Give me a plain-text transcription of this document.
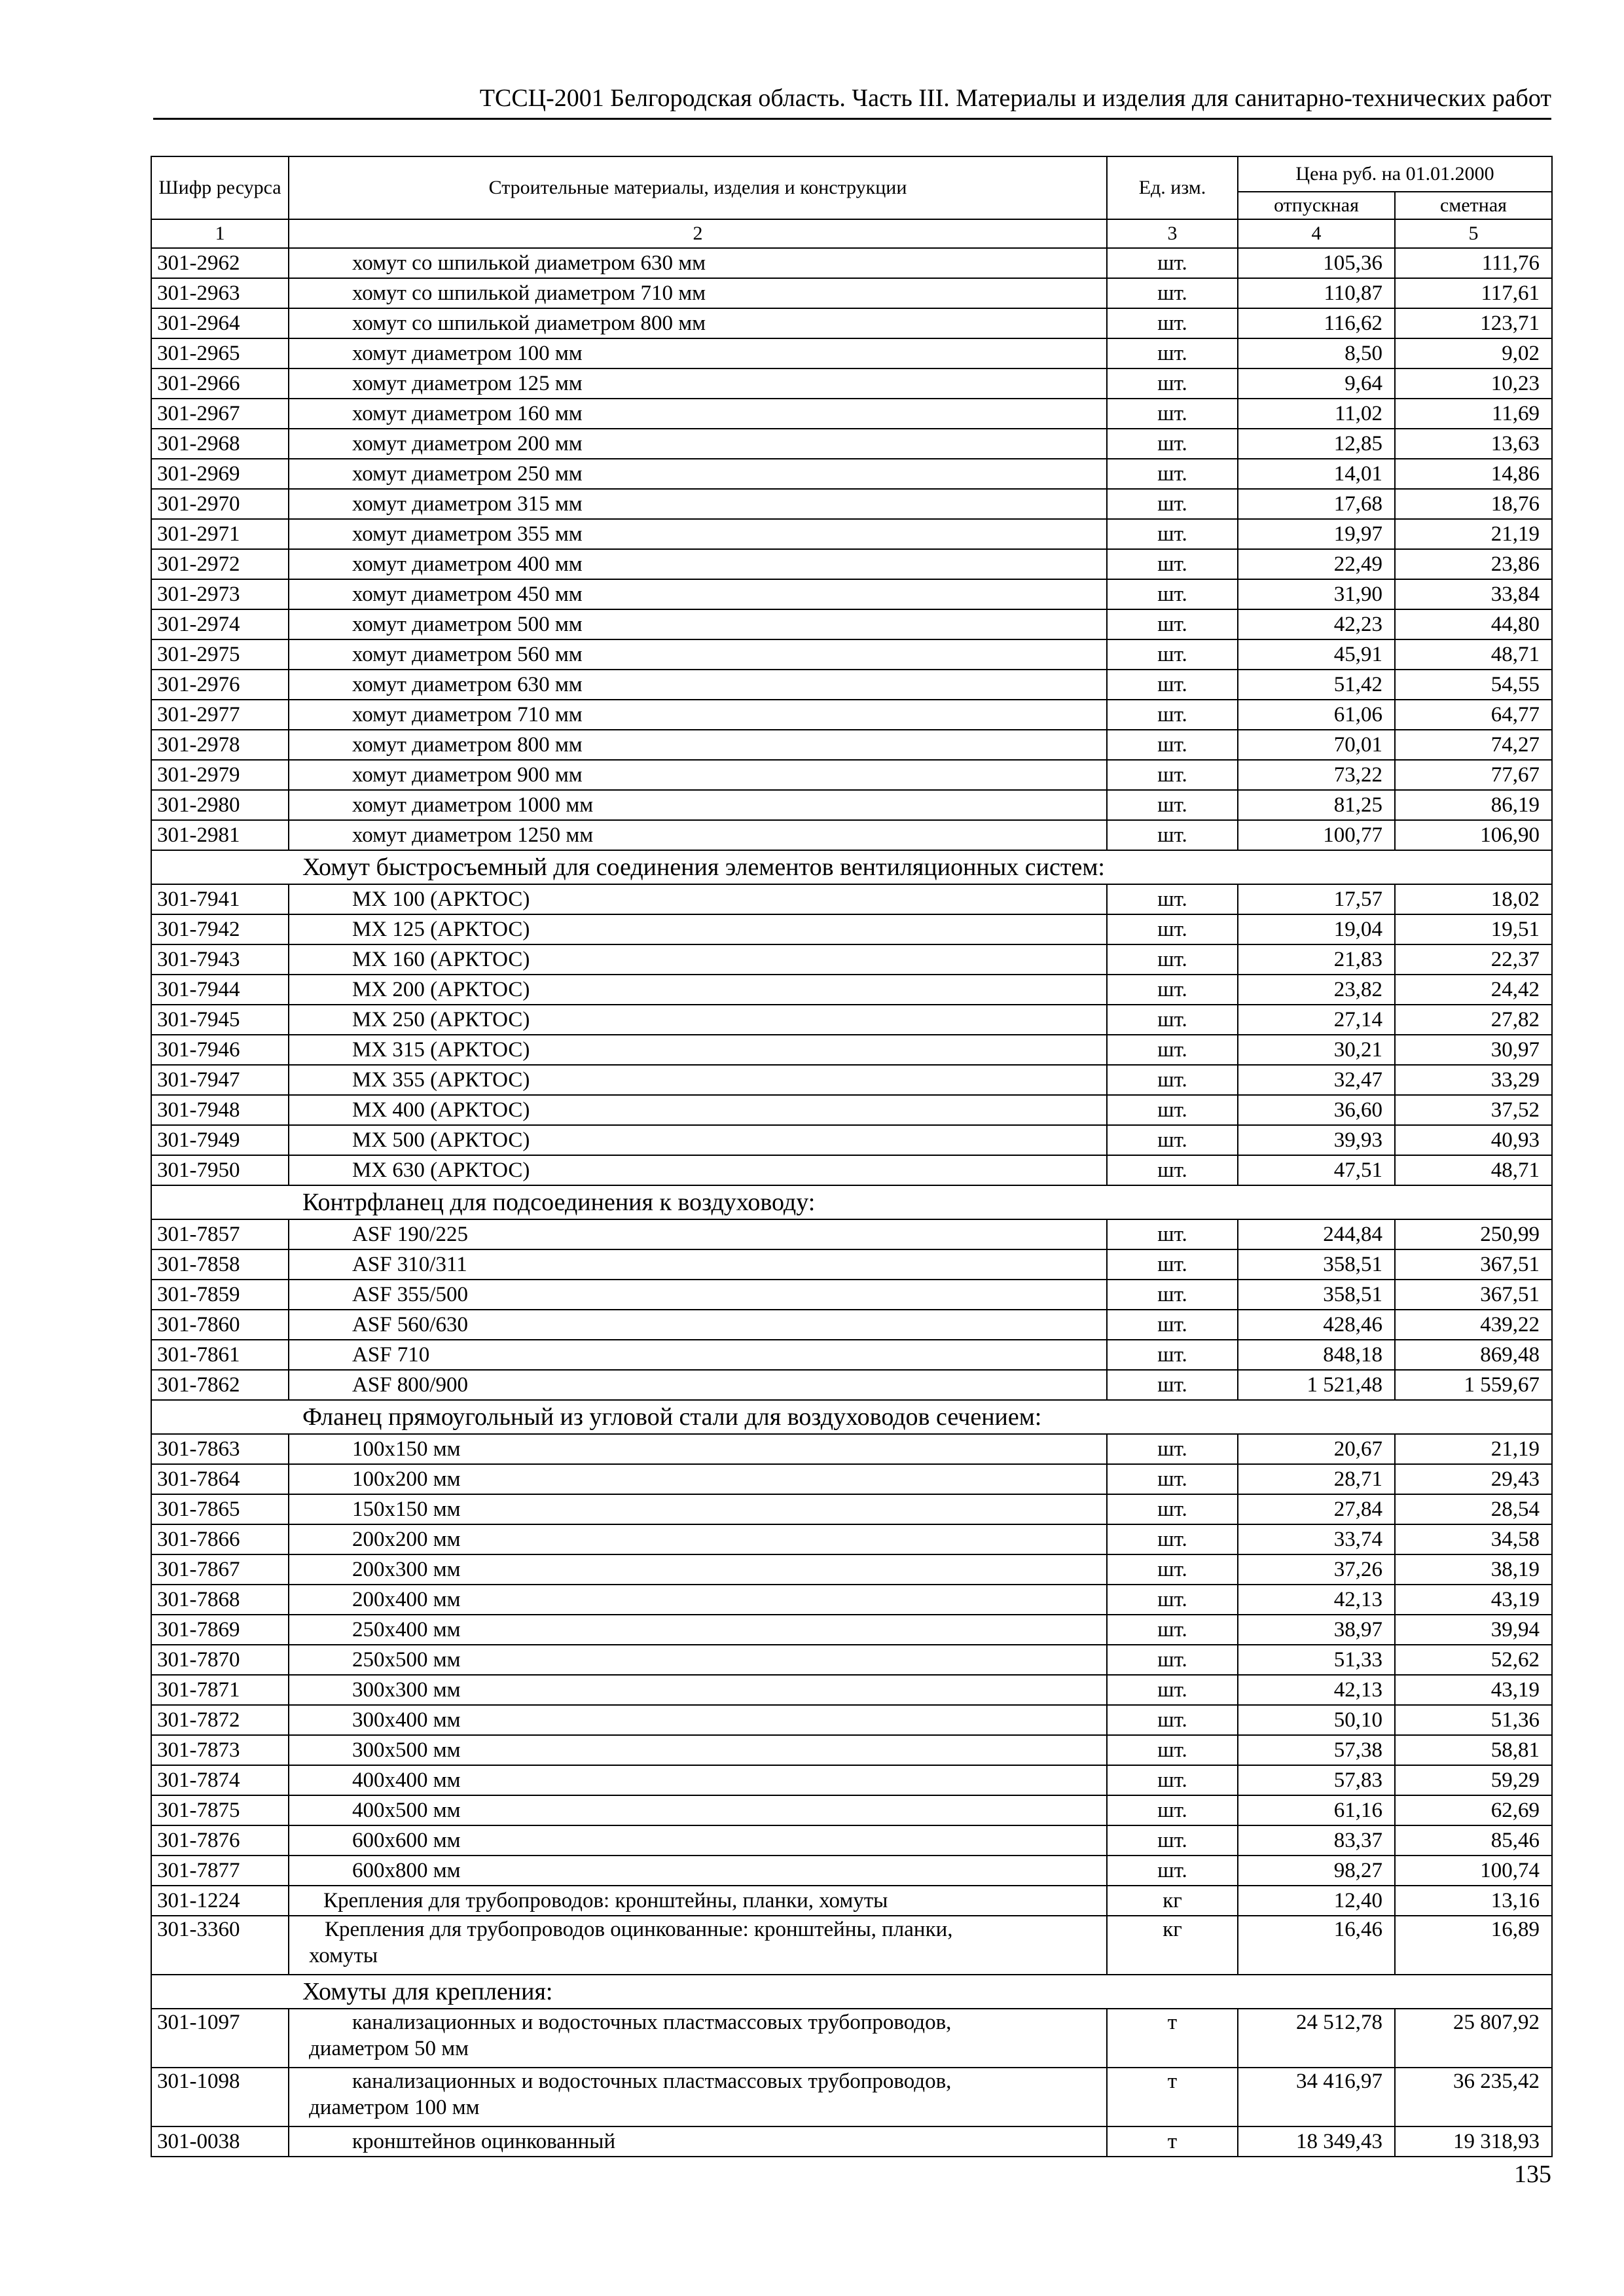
ТССЦ-2001 Белгородская область. Часть III. Материалы и изделия для санитарно-технических работ
Шифр ресурса	Строительные материалы, изделия и конструкции	Ед. изм.	Цена руб. на 01.01.2000	
			отпускная	сметная
1	2	3	4	5
301-2962	хомут со шпилькой диаметром 630 мм	шт.	105,36	111,76
301-2963	хомут со шпилькой диаметром 710 мм	шт.	110,87	117,61
301-2964	хомут со шпилькой диаметром 800 мм	шт.	116,62	123,71
301-2965	хомут диаметром 100 мм	шт.	8,50	9,02
301-2966	хомут диаметром 125 мм	шт.	9,64	10,23
301-2967	хомут диаметром 160 мм	шт.	11,02	11,69
301-2968	хомут диаметром 200 мм	шт.	12,85	13,63
301-2969	хомут диаметром 250 мм	шт.	14,01	14,86
301-2970	хомут диаметром 315 мм	шт.	17,68	18,76
301-2971	хомут диаметром 355 мм	шт.	19,97	21,19
301-2972	хомут диаметром 400 мм	шт.	22,49	23,86
301-2973	хомут диаметром 450 мм	шт.	31,90	33,84
301-2974	хомут диаметром 500 мм	шт.	42,23	44,80
301-2975	хомут диаметром 560 мм	шт.	45,91	48,71
301-2976	хомут диаметром 630 мм	шт.	51,42	54,55
301-2977	хомут диаметром 710 мм	шт.	61,06	64,77
301-2978	хомут диаметром 800 мм	шт.	70,01	74,27
301-2979	хомут диаметром 900 мм	шт.	73,22	77,67
301-2980	хомут диаметром 1000 мм	шт.	81,25	86,19
301-2981	хомут диаметром 1250 мм	шт.	100,77	106,90
Хомут быстросъемный для соединения элементов вентиляционных систем:				
301-7941	MX 100 (АРКТОС)	шт.	17,57	18,02
301-7942	MX 125 (АРКТОС)	шт.	19,04	19,51
301-7943	MX 160 (АРКТОС)	шт.	21,83	22,37
301-7944	MX 200 (АРКТОС)	шт.	23,82	24,42
301-7945	MX 250 (АРКТОС)	шт.	27,14	27,82
301-7946	MX 315 (АРКТОС)	шт.	30,21	30,97
301-7947	MX 355 (АРКТОС)	шт.	32,47	33,29
301-7948	MX 400 (АРКТОС)	шт.	36,60	37,52
301-7949	MX 500 (АРКТОС)	шт.	39,93	40,93
301-7950	MX 630 (АРКТОС)	шт.	47,51	48,71
Контрфланец для подсоединения к воздуховоду:				
301-7857	ASF 190/225	шт.	244,84	250,99
301-7858	ASF 310/311	шт.	358,51	367,51
301-7859	ASF 355/500	шт.	358,51	367,51
301-7860	ASF 560/630	шт.	428,46	439,22
301-7861	ASF 710	шт.	848,18	869,48
301-7862	ASF 800/900	шт.	1 521,48	1 559,67
Фланец прямоугольный из угловой стали для воздуховодов сечением:				
301-7863	100x150 мм	шт.	20,67	21,19
301-7864	100x200 мм	шт.	28,71	29,43
301-7865	150x150 мм	шт.	27,84	28,54
301-7866	200x200 мм	шт.	33,74	34,58
301-7867	200x300 мм	шт.	37,26	38,19
301-7868	200x400 мм	шт.	42,13	43,19
301-7869	250x400 мм	шт.	38,97	39,94
301-7870	250x500 мм	шт.	51,33	52,62
301-7871	300x300 мм	шт.	42,13	43,19
301-7872	300x400 мм	шт.	50,10	51,36
301-7873	300x500 мм	шт.	57,38	58,81
301-7874	400x400 мм	шт.	57,83	59,29
301-7875	400x500 мм	шт.	61,16	62,69
301-7876	600x600 мм	шт.	83,37	85,46
301-7877	600x800 мм	шт.	98,27	100,74
301-1224	Крепления для трубопроводов: кронштейны, планки, хомуты	кг	12,40	13,16
301-3360	Крепления для трубопроводов оцинкованные: кронштейны, планки,
хомуты	кг	16,46	16,89
Хомуты для крепления:				
301-1097	канализационных и водосточных пластмассовых трубопроводов,
диаметром 50 мм	т	24 512,78	25 807,92
301-1098	канализационных и водосточных пластмассовых трубопроводов,
диаметром 100 мм	т	34 416,97	36 235,42
301-0038	кронштейнов оцинкованный	т	18 349,43	19 318,93
135
